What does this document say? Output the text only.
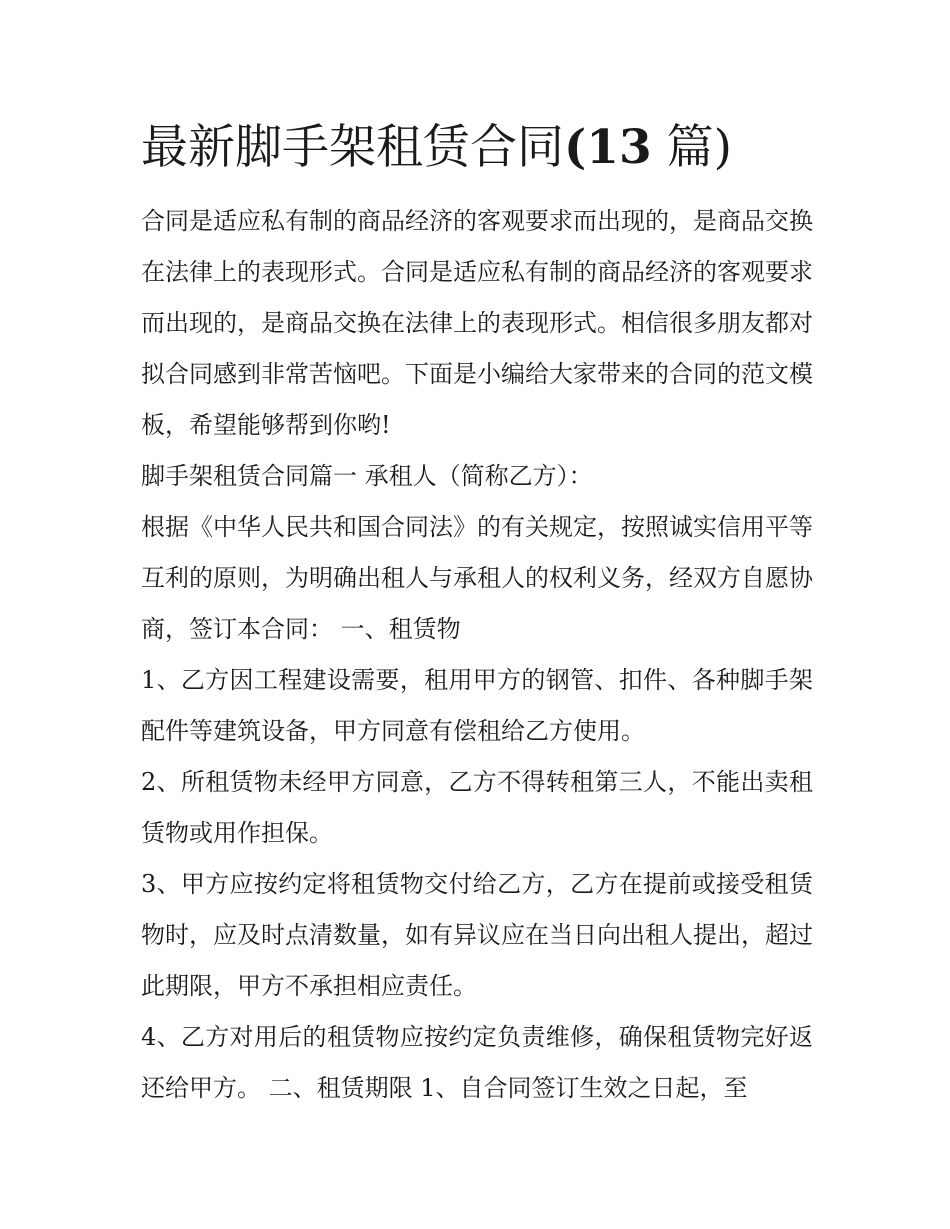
最新脚手架租赁合同(13 篇)

合同是适应私有制的商品经济的客观要求而出现的，是商品交换在法律上的表现形式。合同是适应私有制的商品经济的客观要求而出现的，是商品交换在法律上的表现形式。相信很多朋友都对拟合同感到非常苦恼吧。下面是小编给大家带来的合同的范文模板，希望能够帮到你哟!

脚手架租赁合同篇一 承租人（简称乙方）：

根据《中华人民共和国合同法》的有关规定，按照诚实信用平等互利的原则，为明确出租人与承租人的权利义务，经双方自愿协商，签订本合同： 一、租赁物

1、乙方因工程建设需要，租用甲方的钢管、扣件、各种脚手架配件等建筑设备，甲方同意有偿租给乙方使用。

2、所租赁物未经甲方同意，乙方不得转租第三人，不能出卖租赁物或用作担保。

3、甲方应按约定将租赁物交付给乙方，乙方在提前或接受租赁物时，应及时点清数量，如有异议应在当日向出租人提出，超过此期限，甲方不承担相应责任。

4、乙方对用后的租赁物应按约定负责维修，确保租赁物完好返还给甲方。 二、租赁期限 1、自合同签订生效之日起，至
